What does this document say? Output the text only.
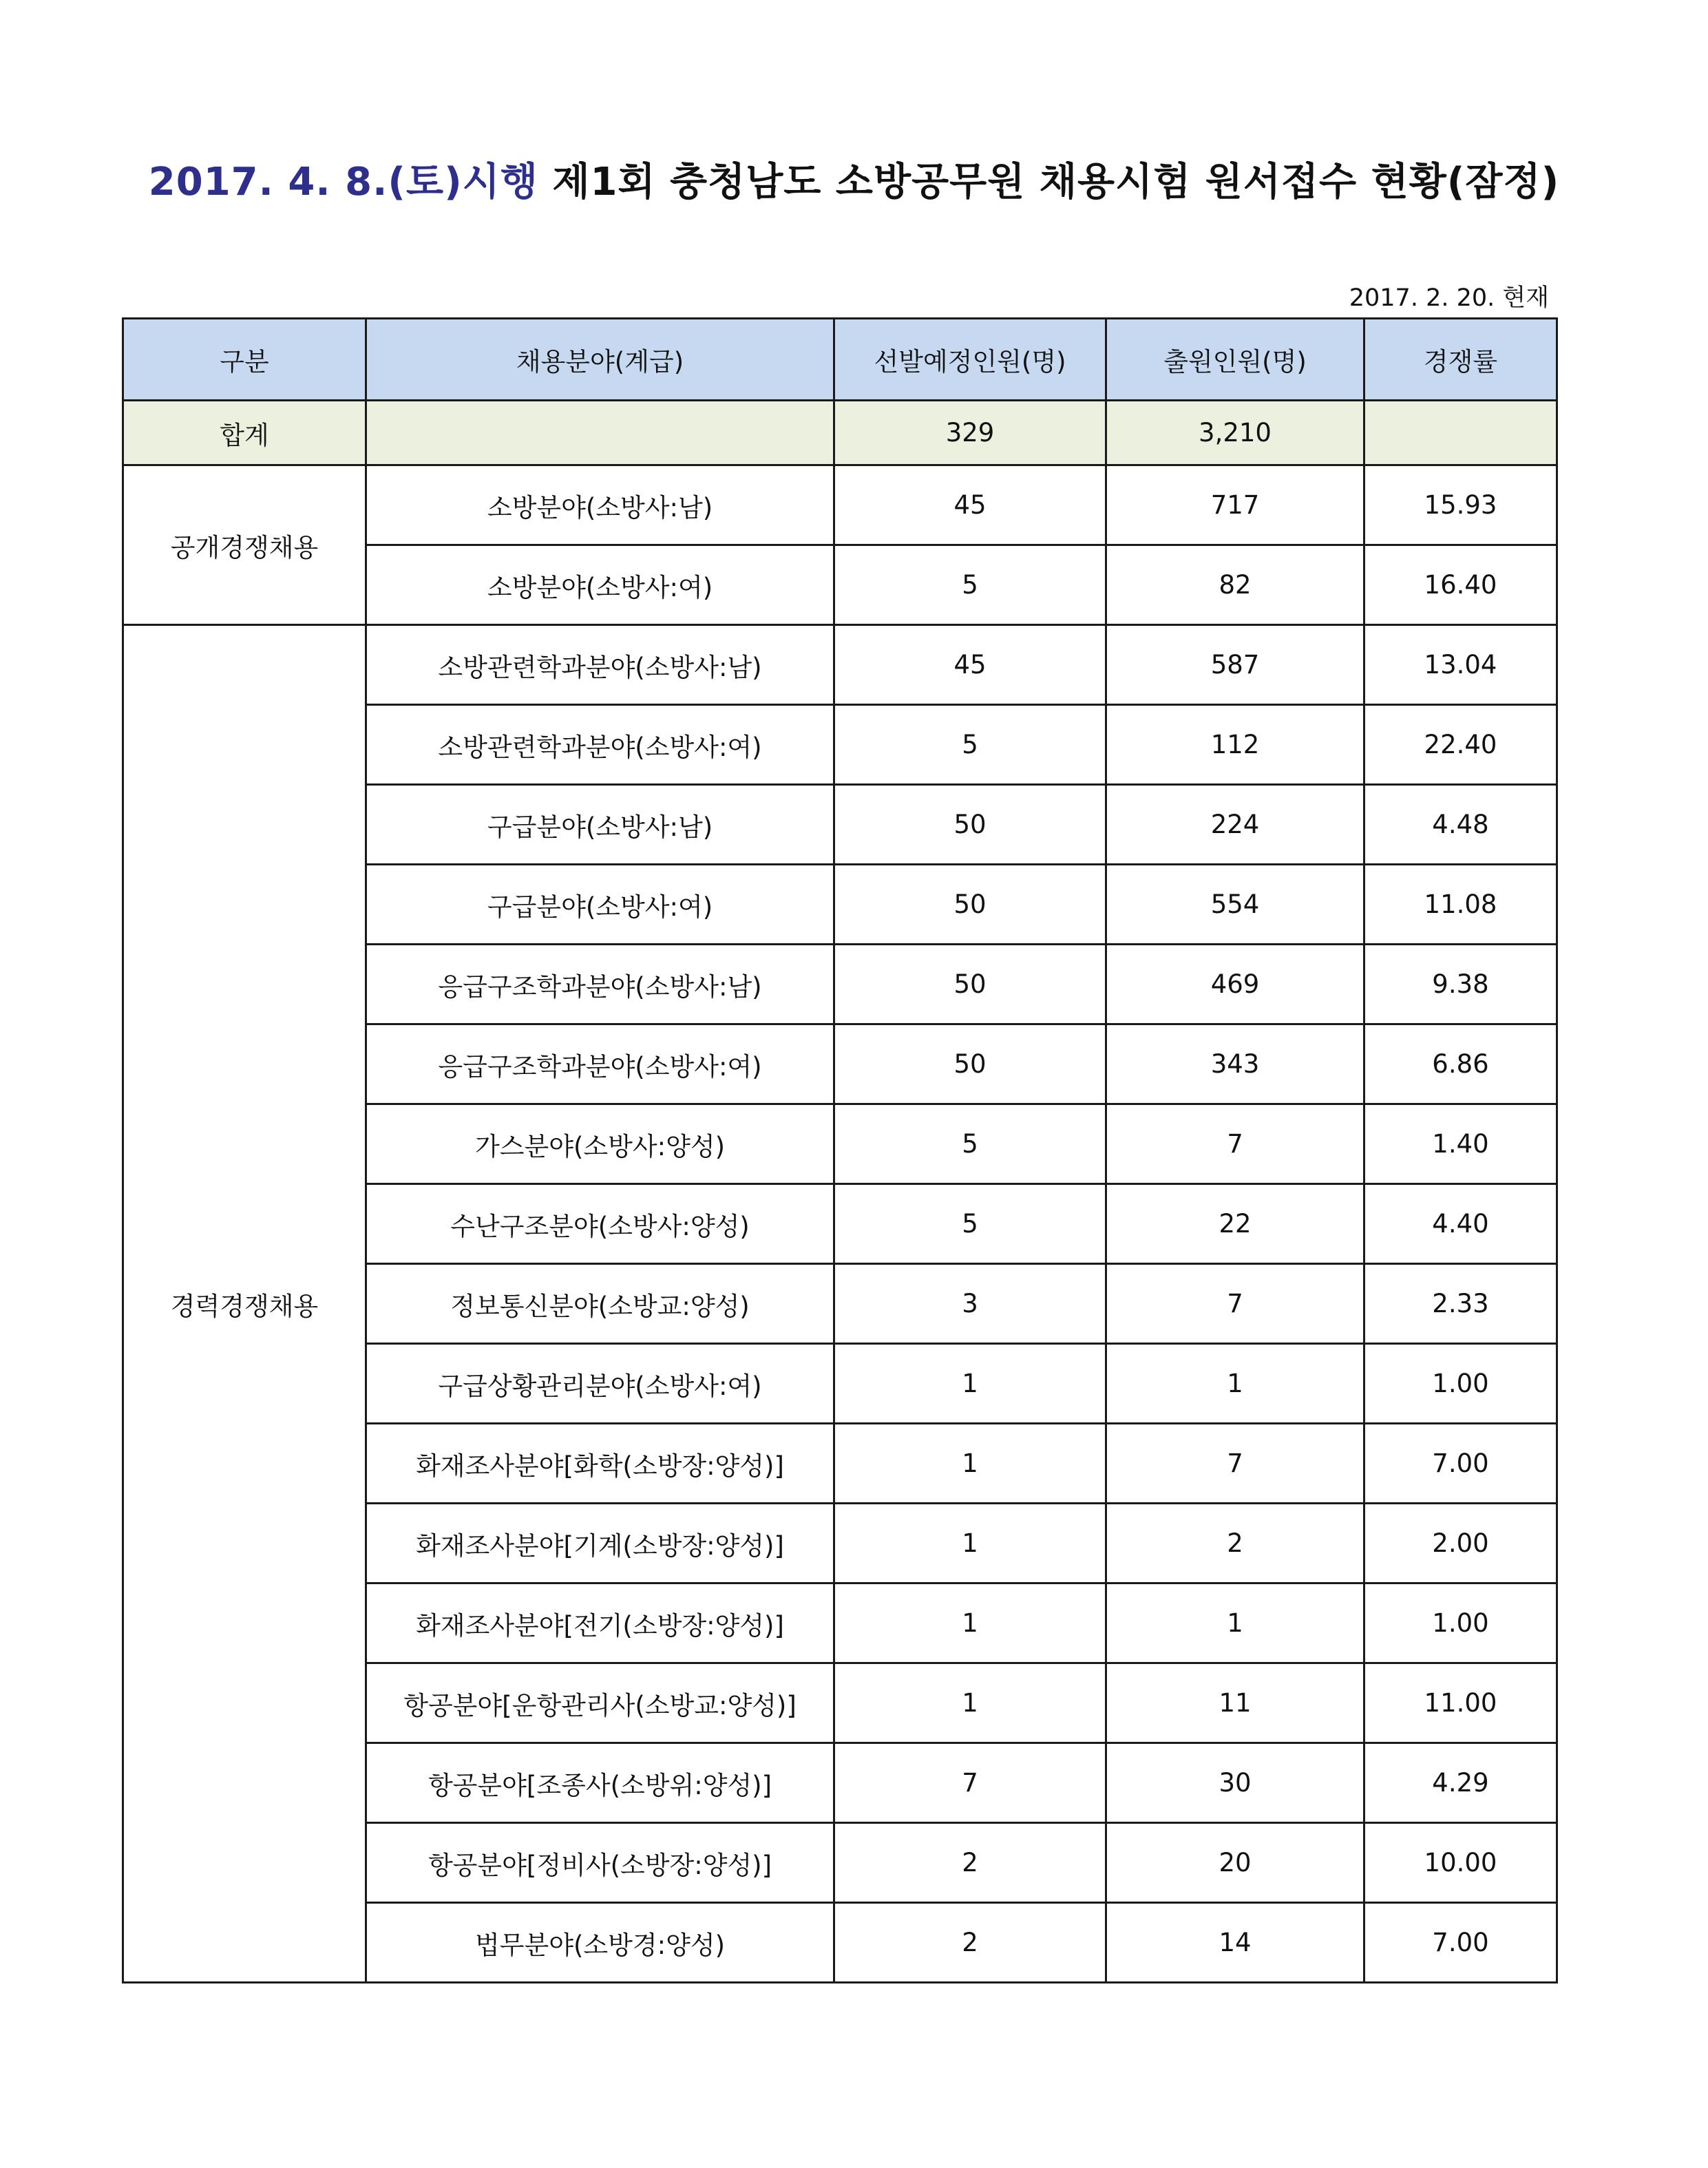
2017. 4. 8.(토)시행 제1회 충청남도 소방공무원 채용시험 원서접수 현황(잠정)
2017. 2. 20. 현재
구분	채용분야(계급)	선발예정인원(명)	출원인원(명)	경쟁률
합계		329	3,210	
공개경쟁채용	소방분야(소방사:남)	45	717	15.93
	소방분야(소방사:여)	5	82	16.40
경력경쟁채용	소방관련학과분야(소방사:남)	45	587	13.04
	소방관련학과분야(소방사:여)	5	112	22.40
	구급분야(소방사:남)	50	224	4.48
	구급분야(소방사:여)	50	554	11.08
	응급구조학과분야(소방사:남)	50	469	9.38
	응급구조학과분야(소방사:여)	50	343	6.86
	가스분야(소방사:양성)	5	7	1.40
	수난구조분야(소방사:양성)	5	22	4.40
	정보통신분야(소방교:양성)	3	7	2.33
	구급상황관리분야(소방사:여)	1	1	1.00
	화재조사분야[화학(소방장:양성)]	1	7	7.00
	화재조사분야[기계(소방장:양성)]	1	2	2.00
	화재조사분야[전기(소방장:양성)]	1	1	1.00
	항공분야[운항관리사(소방교:양성)]	1	11	11.00
	항공분야[조종사(소방위:양성)]	7	30	4.29
	항공분야[정비사(소방장:양성)]	2	20	10.00
	법무분야(소방경:양성)	2	14	7.00
